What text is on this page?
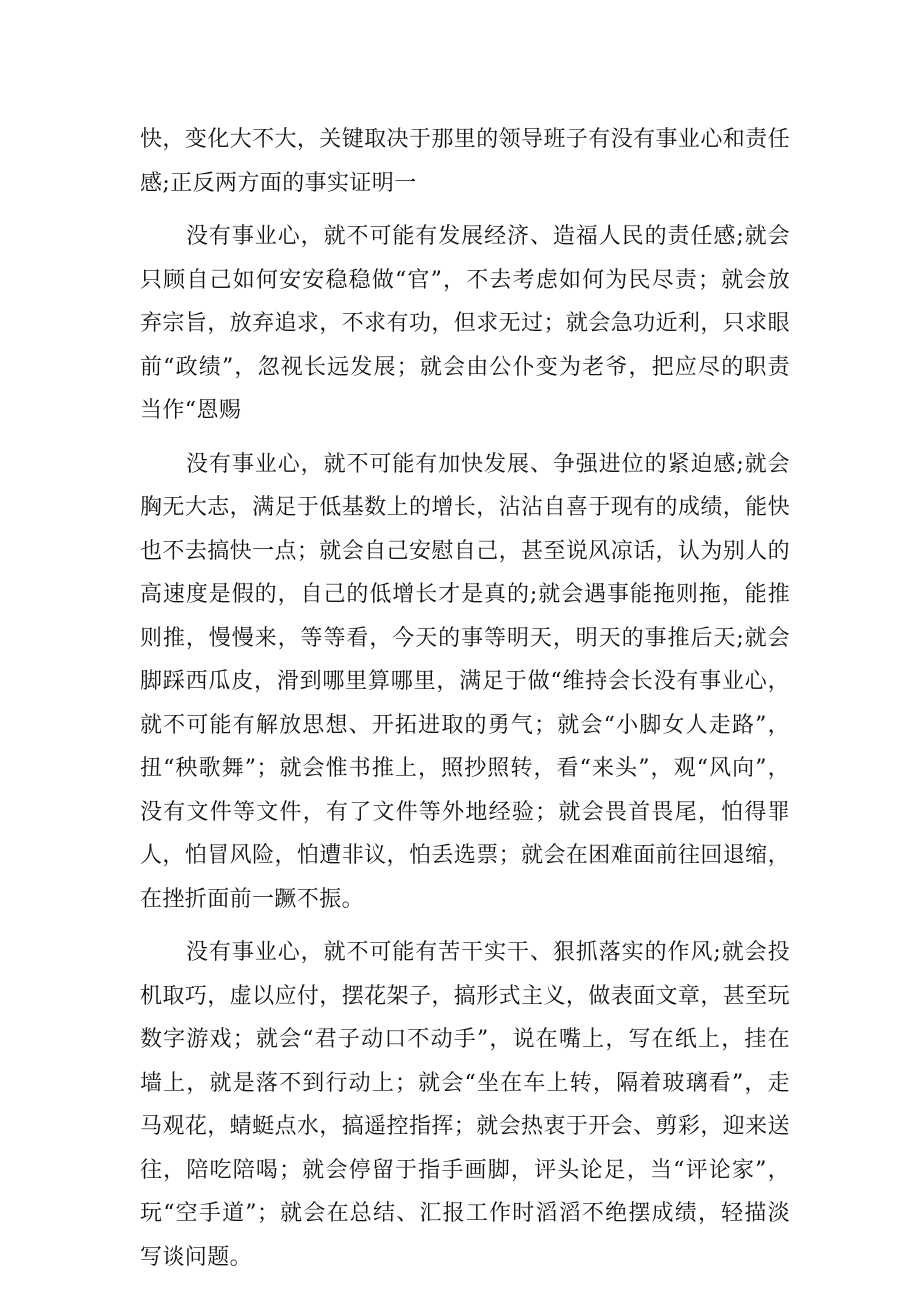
快，变化大不大，关键取决于那里的领导班子有没有事业心和责任感;正反两方面的事实证明一

没有事业心，就不可能有发展经济、造福人民的责任感;就会只顾自己如何安安稳稳做“官”，不去考虑如何为民尽责；就会放弃宗旨，放弃追求，不求有功，但求无过；就会急功近利，只求眼前“政绩”，忽视长远发展；就会由公仆变为老爷，把应尽的职责当作“恩赐

没有事业心，就不可能有加快发展、争强进位的紧迫感;就会胸无大志，满足于低基数上的增长，沾沾自喜于现有的成绩，能快也不去搞快一点；就会自己安慰自己，甚至说风凉话，认为别人的高速度是假的，自己的低增长才是真的;就会遇事能拖则拖，能推则推，慢慢来，等等看，今天的事等明天，明天的事推后天;就会脚踩西瓜皮，滑到哪里算哪里，满足于做“维持会长没有事业心，就不可能有解放思想、开拓进取的勇气；就会“小脚女人走路”，扭“秧歌舞”；就会惟书推上，照抄照转，看“来头”，观“风向”，没有文件等文件，有了文件等外地经验；就会畏首畏尾，怕得罪人，怕冒风险，怕遭非议，怕丢选票；就会在困难面前往回退缩，在挫折面前一蹶不振。

没有事业心，就不可能有苦干实干、狠抓落实的作风;就会投机取巧，虚以应付，摆花架子，搞形式主义，做表面文章，甚至玩数字游戏；就会“君子动口不动手”，说在嘴上，写在纸上，挂在墙上，就是落不到行动上；就会“坐在车上转，隔着玻璃看”，走马观花，蜻蜓点水，搞遥控指挥；就会热衷于开会、剪彩，迎来送往，陪吃陪喝；就会停留于指手画脚，评头论足，当“评论家”，玩“空手道”；就会在总结、汇报工作时滔滔不绝摆成绩，轻描淡写谈问题。
